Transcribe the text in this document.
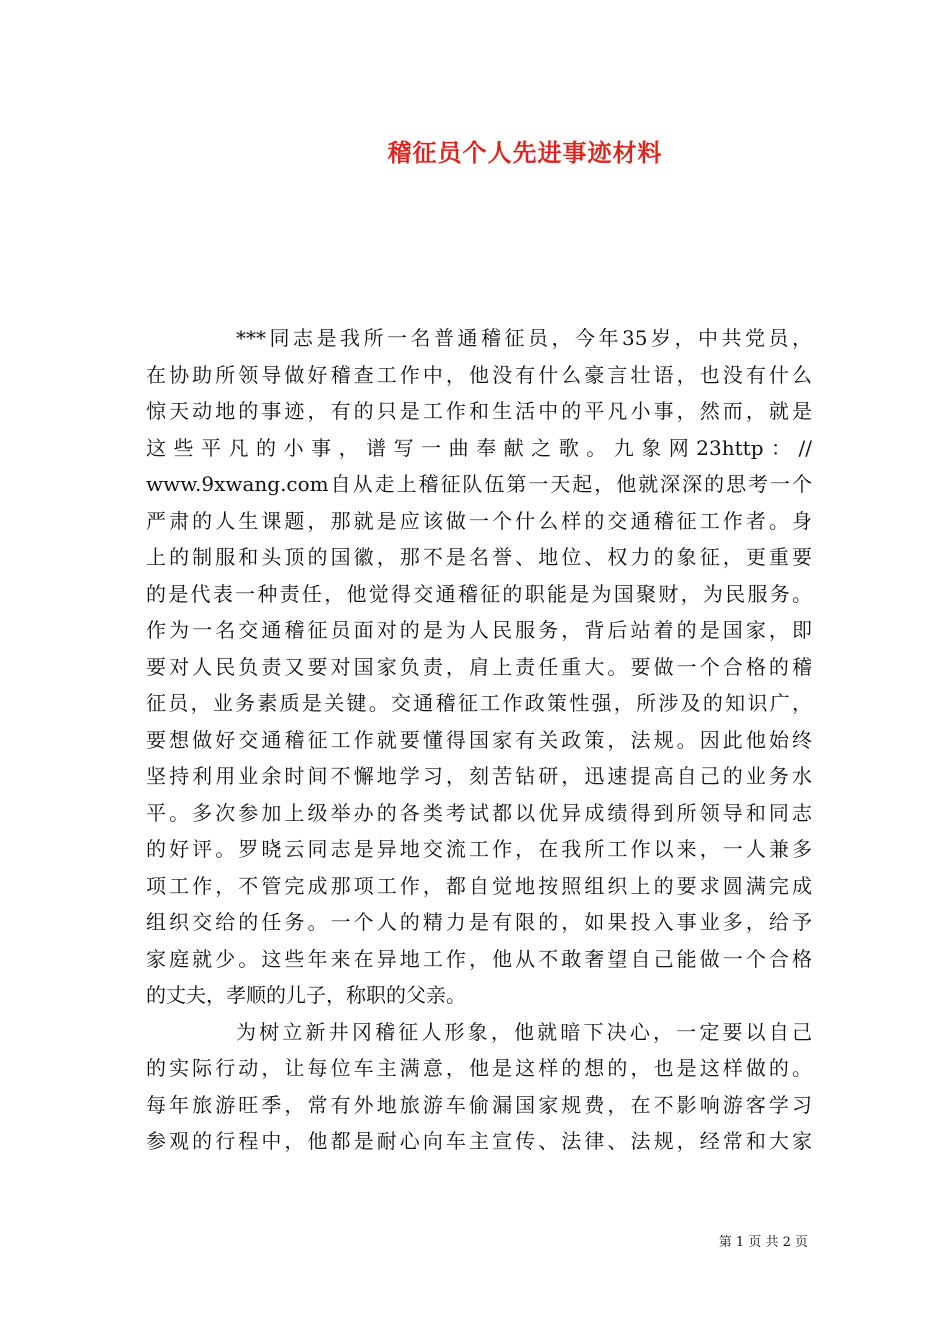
稽征员个人先进事迹材料
***同志是我所一名普通稽征员，今年35岁，中共党员，
在协助所领导做好稽查工作中，他没有什么豪言壮语，也没有什么
惊天动地的事迹，有的只是工作和生活中的平凡小事，然而，就是
这些平凡的小事，谱写一曲奉献之歌。九象网23http：//
www.9xwang.com自从走上稽征队伍第一天起，他就深深的思考一个
严肃的人生课题，那就是应该做一个什么样的交通稽征工作者。身
上的制服和头顶的国徽，那不是名誉、地位、权力的象征，更重要
的是代表一种责任，他觉得交通稽征的职能是为国聚财，为民服务。
作为一名交通稽征员面对的是为人民服务，背后站着的是国家，即
要对人民负责又要对国家负责，肩上责任重大。要做一个合格的稽
征员，业务素质是关键。交通稽征工作政策性强，所涉及的知识广，
要想做好交通稽征工作就要懂得国家有关政策，法规。因此他始终
坚持利用业余时间不懈地学习，刻苦钻研，迅速提高自己的业务水
平。多次参加上级举办的各类考试都以优异成绩得到所领导和同志
的好评。罗晓云同志是异地交流工作，在我所工作以来，一人兼多
项工作，不管完成那项工作，都自觉地按照组织上的要求圆满完成
组织交给的任务。一个人的精力是有限的，如果投入事业多，给予
家庭就少。这些年来在异地工作，他从不敢奢望自己能做一个合格
的丈夫，孝顺的儿子，称职的父亲。
为树立新井冈稽征人形象，他就暗下决心，一定要以自己
的实际行动，让每位车主满意，他是这样的想的，也是这样做的。
每年旅游旺季，常有外地旅游车偷漏国家规费，在不影响游客学习
参观的行程中，他都是耐心向车主宣传、法律、法规，经常和大家
第 1 页 共 2 页
